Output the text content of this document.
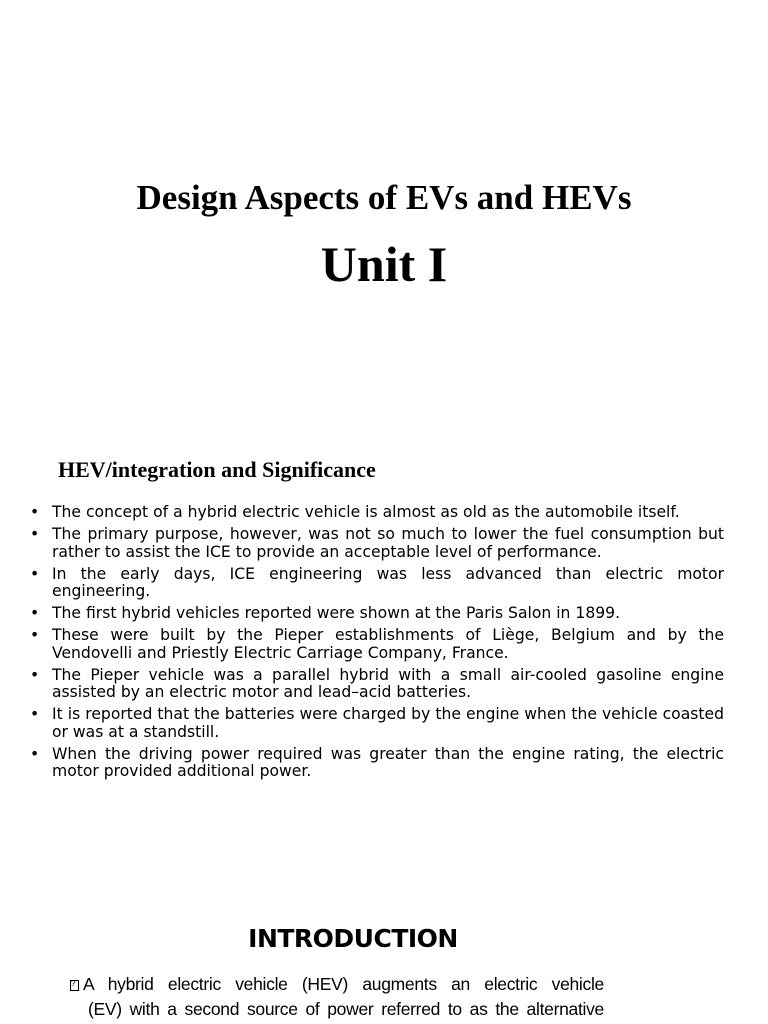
Design Aspects of EVs and HEVs
Unit I
HEV/integration and Significance
• The concept of a hybrid electric vehicle is almost as old as the automobile itself.
• The primary purpose, however, was not so much to lower the fuel consumption but rather to assist the ICE to provide an acceptable level of performance.
• In the early days, ICE engineering was less advanced than electric motor engineering.
• The first hybrid vehicles reported were shown at the Paris Salon in 1899.
• These were built by the Pieper establishments of Liège, Belgium and by the Vendovelli and Priestly Electric Carriage Company, France.
• The Pieper vehicle was a parallel hybrid with a small air-cooled gasoline engine assisted by an electric motor and lead–acid batteries.
• It is reported that the batteries were charged by the engine when the vehicle coasted or was at a standstill.
• When the driving power required was greater than the engine rating, the electric motor provided additional power.
INTRODUCTION

?A hybrid electric vehicle (HEV) augments an electric vehicle
(EV) with a second source of power referred to as the alternative
